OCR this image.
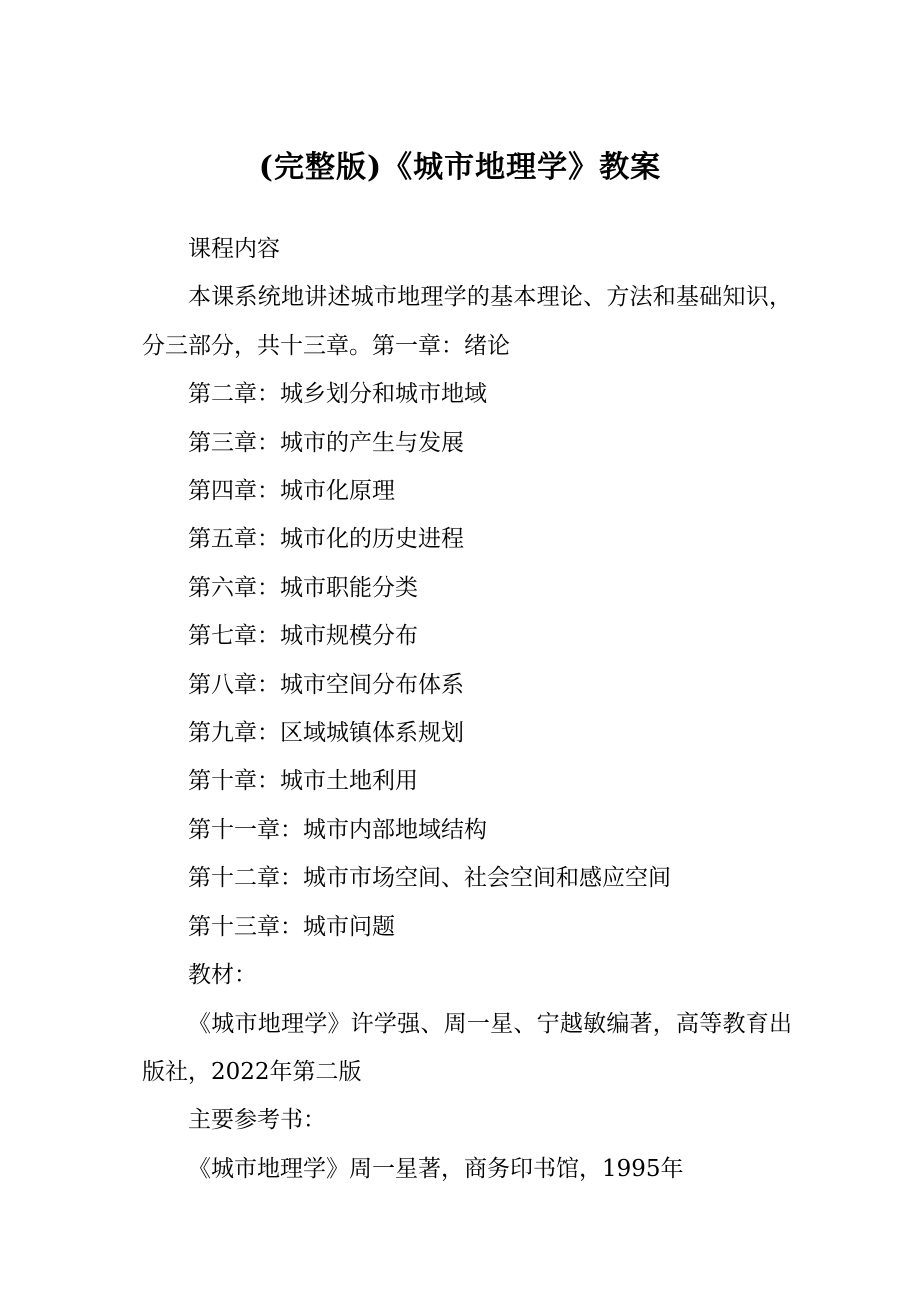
(完整版)《城市地理学》教案

课程内容

本课系统地讲述城市地理学的基本理论、方法和基础知识，分三部分，共十三章。第一章：绪论

第二章：城乡划分和城市地域

第三章：城市的产生与发展

第四章：城市化原理

第五章：城市化的历史进程

第六章：城市职能分类

第七章：城市规模分布

第八章：城市空间分布体系

第九章：区域城镇体系规划

第十章：城市土地利用

第十一章：城市内部地域结构

第十二章：城市市场空间、社会空间和感应空间

第十三章：城市问题

教材：

《城市地理学》许学强、周一星、宁越敏编著，高等教育出版社，2022年第二版

主要参考书：

《城市地理学》周一星著，商务印书馆，1995年
